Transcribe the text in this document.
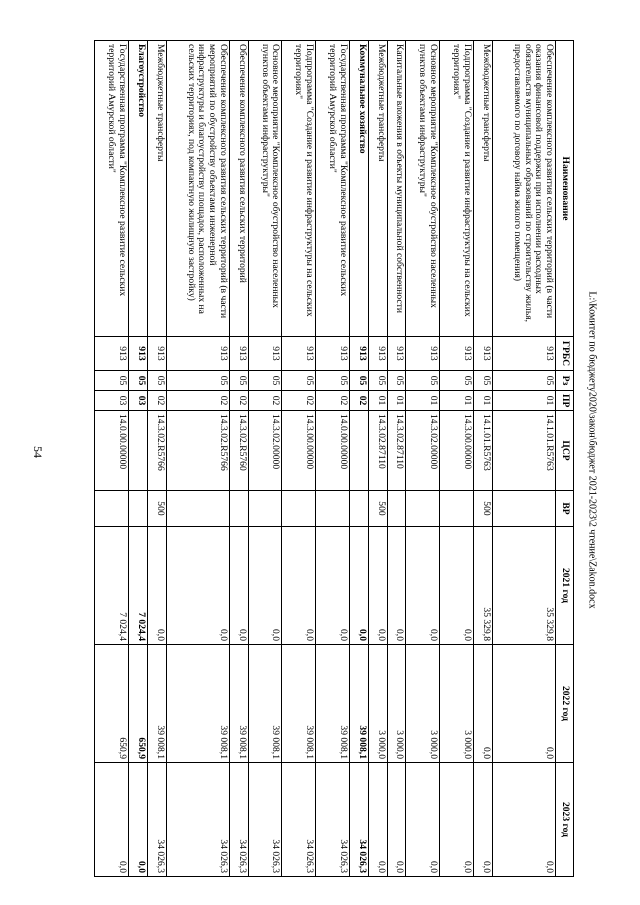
54
Наименование	ГРБС	Рз	ПР	ЦСР	ВР	2021 год	2022 год	2023 год
Обеспечение комплексного развития сельских территорий (в части оказания финансовой поддержки при исполнении расходных обязательств муниципальных образований по строительству жилья, предоставляемого по договору найма жилого помещения)	913	05	01	14.1.01.R5763		35 329,8	0,0	0,0
Межбюджетные трансферты	913	05	01	14.1.01.R5763	500	35 329,8	0,0	0,0
Подпрограмма "Создание и развитие инфраструктуры на сельских территориях"	913	05	01	14.3.00.00000		0,0	3 000,0	0,0
Основное мероприятие "Комплексное обустройство населенных пунктов объектами инфраструктуры"	913	05	01	14.3.02.00000		0,0	3 000,0	0,0
Капитальные вложения в объекты муниципальной собственности	913	05	01	14.3.02.87110		0,0	3 000,0	0,0
Межбюджетные трансферты	913	05	01	14.3.02.87110	500	0,0	3 000,0	0,0
Коммунальное хозяйство	913	05	02			0,0	39 008,1	34 026,3
Государственная программа "Комплексное развитие сельских территорий Амурской области"	913	05	02	14.0.00.00000		0,0	39 008,1	34 026,3
Подпрограмма "Создание и развитие инфраструктуры на сельских территориях"	913	05	02	14.3.00.00000		0,0	39 008,1	34 026,3
Основное мероприятие "Комплексное обустройство населенных пунктов объектами инфраструктуры"	913	05	02	14.3.02.00000		0,0	39 008,1	34 026,3
Обеспечение комплексного развития сельских территорий	913	05	02	14.3.02.R5760		0,0	39 008,1	34 026,3
Обеспечение комплексного развития сельских территорий (в части мероприятий по обустройству объектами инженерной инфраструктуры и благоустройству площадок, расположенных на сельских территориях, под компактную жилищную застройку)	913	05	02	14.3.02.R5766		0,0	39 008,1	34 026,3
Межбюджетные трансферты	913	05	02	14.3.02.R5766	500	0,0	39 008,1	34 026,3
Благоустройство	913	05	03			7 024,4	650,9	0,0
Государственная программа "Комплексное развитие сельских территорий Амурской области"	913	05	03	14.0.00.00000		7 024,4	650,9	0,0
L:\Комитет по бюджету2020\закон\бюджет 2021-2023\2 чтение\Zakon.docx
